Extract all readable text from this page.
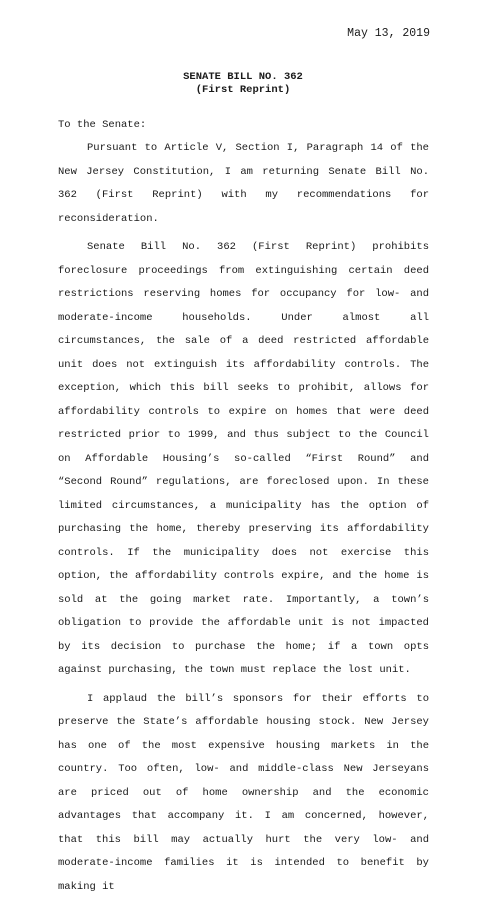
May 13, 2019
SENATE BILL NO. 362
(First Reprint)
To the Senate:

Pursuant to Article V, Section I, Paragraph 14 of the New Jersey Constitution, I am returning Senate Bill No. 362 (First Reprint) with my recommendations for reconsideration.

Senate Bill No. 362 (First Reprint) prohibits foreclosure proceedings from extinguishing certain deed restrictions reserving homes for occupancy for low- and moderate-income households. Under almost all circumstances, the sale of a deed restricted affordable unit does not extinguish its affordability controls. The exception, which this bill seeks to prohibit, allows for affordability controls to expire on homes that were deed restricted prior to 1999, and thus subject to the Council on Affordable Housing’s so-called “First Round” and “Second Round” regulations, are foreclosed upon. In these limited circumstances, a municipality has the option of purchasing the home, thereby preserving its affordability controls. If the municipality does not exercise this option, the affordability controls expire, and the home is sold at the going market rate. Importantly, a town’s obligation to provide the affordable unit is not impacted by its decision to purchase the home; if a town opts against purchasing, the town must replace the lost unit.

I applaud the bill’s sponsors for their efforts to preserve the State’s affordable housing stock. New Jersey has one of the most expensive housing markets in the country. Too often, low- and middle-class New Jerseyans are priced out of home ownership and the economic advantages that accompany it. I am concerned, however, that this bill may actually hurt the very low- and moderate-income families it is intended to benefit by making it
